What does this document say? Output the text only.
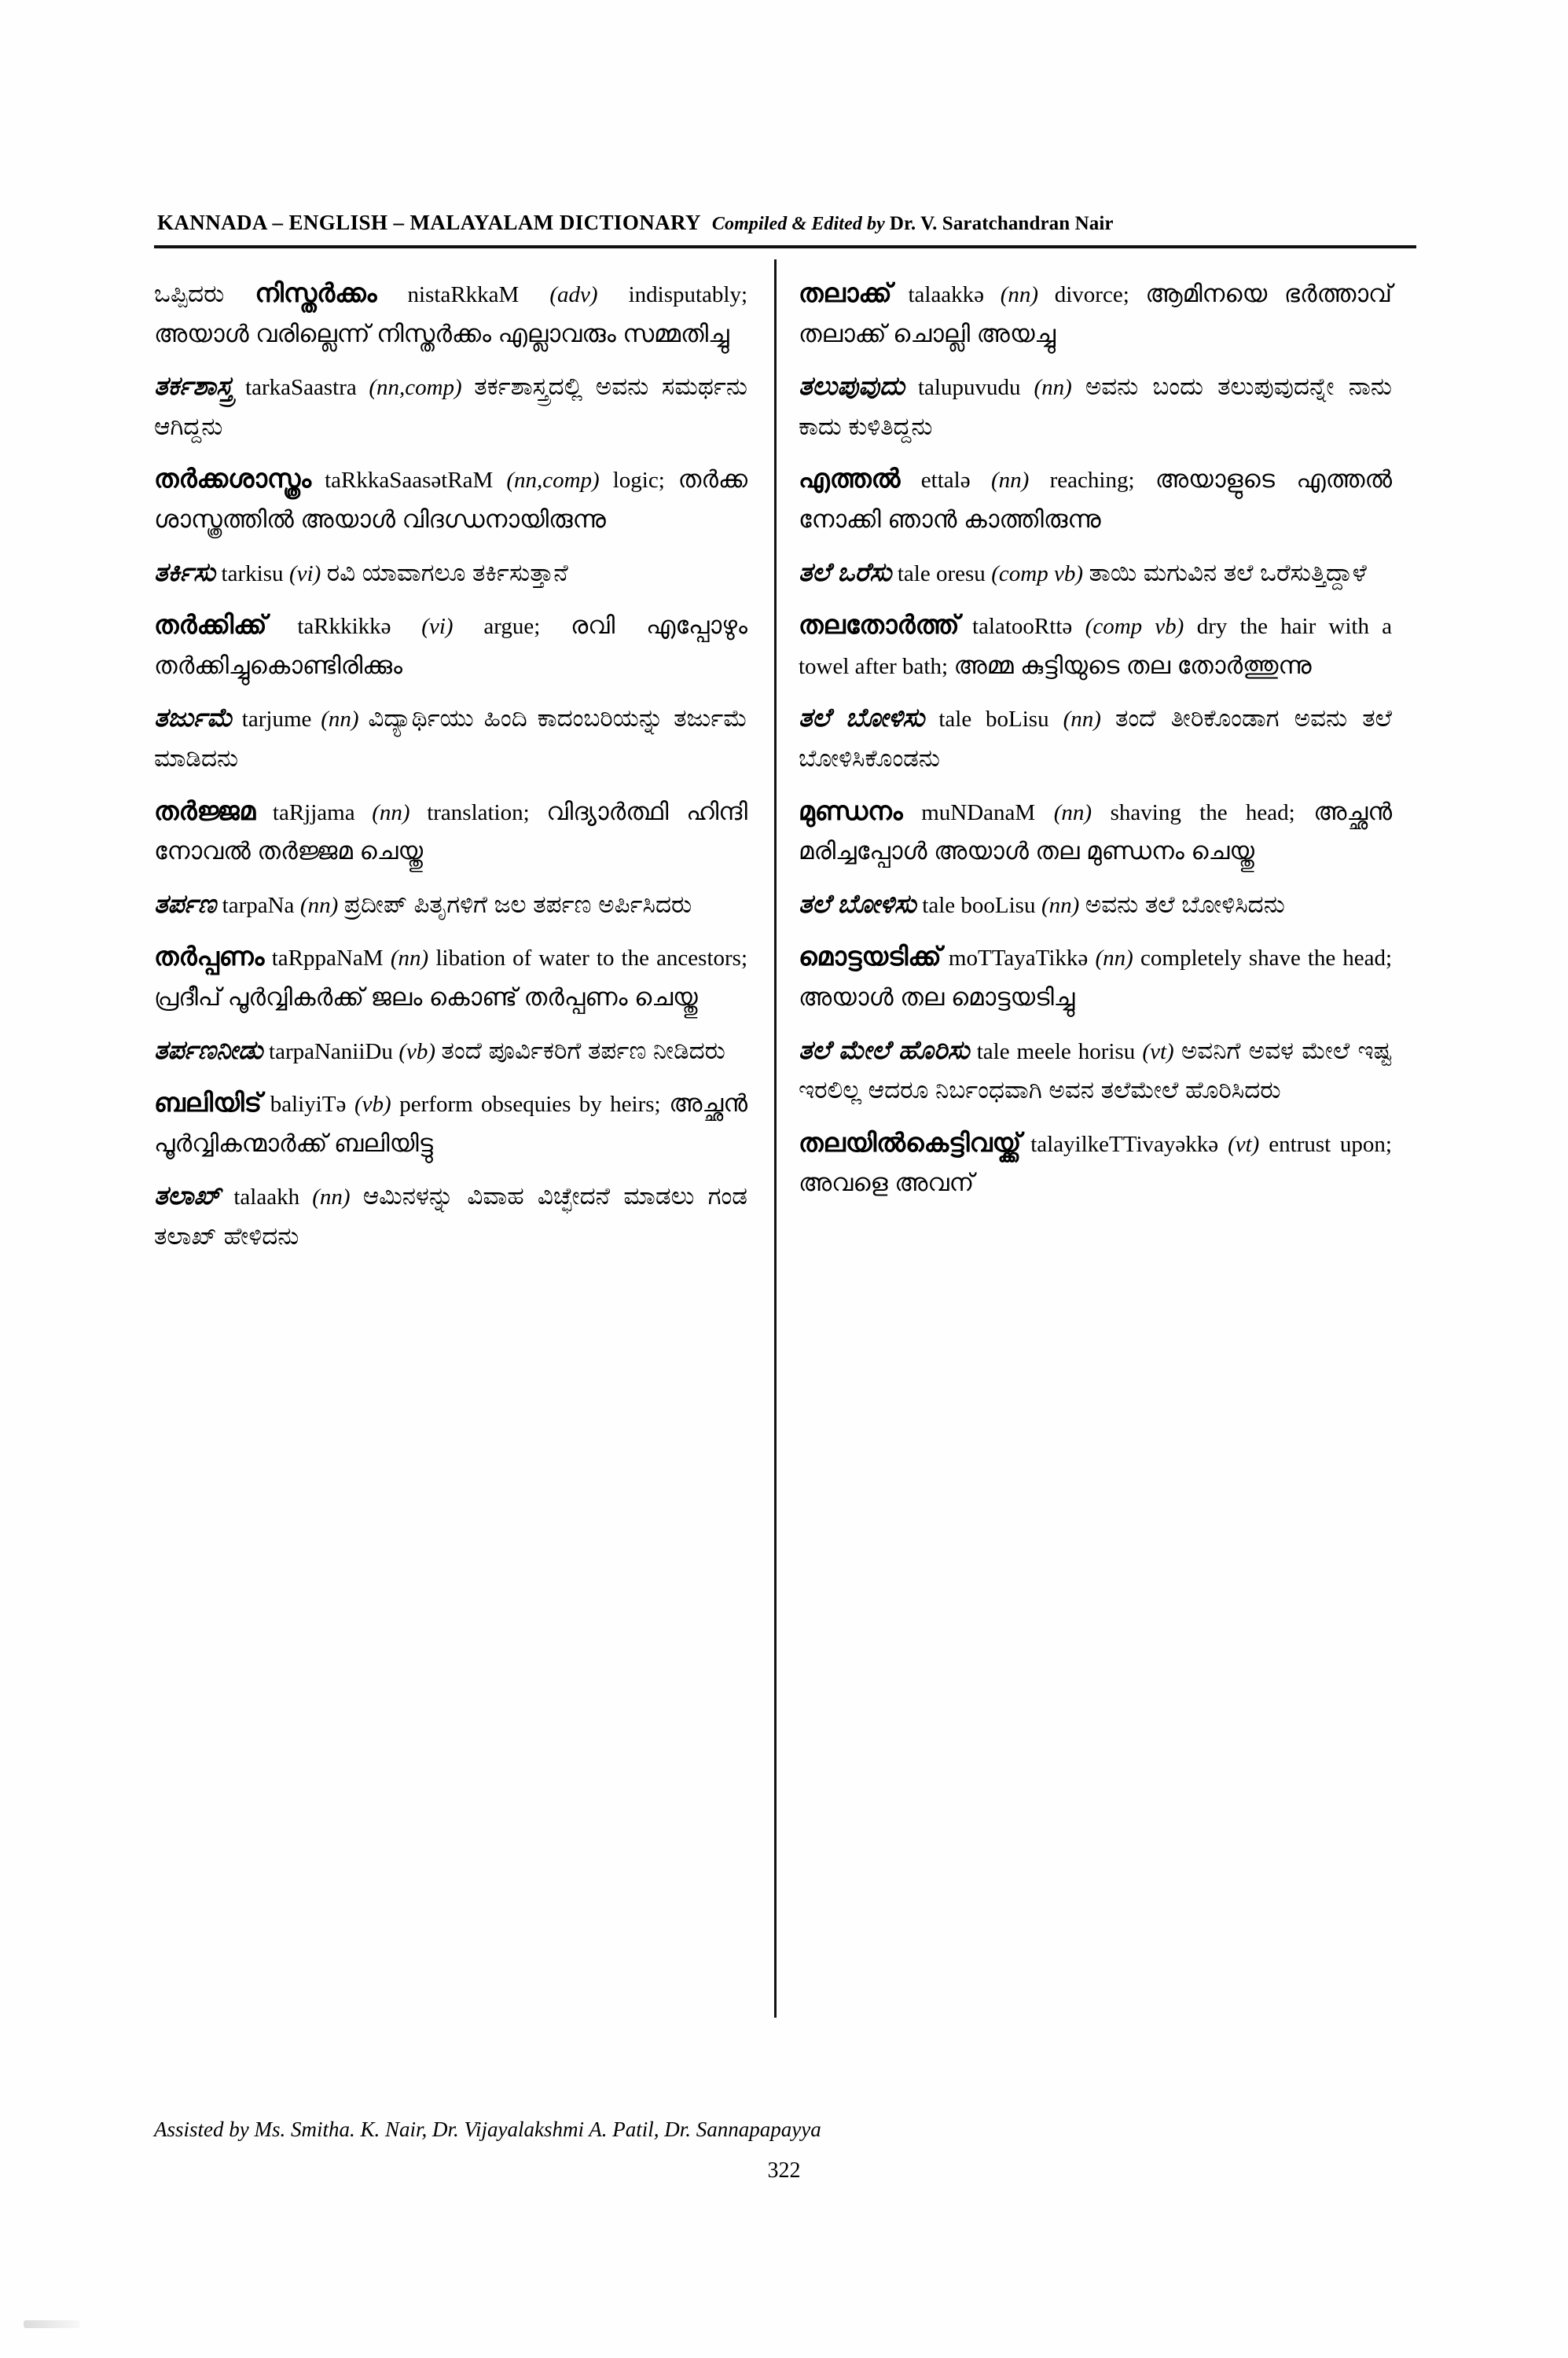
KANNADA – ENGLISH – MALAYALAM DICTIONARY Compiled & Edited by Dr. V. Saratchandran Nair

ಒಪ್ಪಿದರು നിസ്തർക്കം nistaRkkaM (adv) indisputably; അയാൾ വരില്ലെന്ന് നിസ്തർക്കം എല്ലാവരും സമ്മതിച്ചു

ತರ್ಕಶಾಸ್ತ್ರ tarkaSaastra (nn,comp) ತರ್ಕಶಾಸ್ತ್ರದಲ್ಲಿ ಅವನು ಸಮರ್ಥನು ಆಗಿದ್ದನು

തർക്കശാസ്ത്രം taRkkaSaasətRaM (nn,comp) logic; തർക്ക ശാസ്ത്രത്തിൽ അയാൾ വിദഗ്ധനായിരുന്നു

ತರ್ಕಿಸು tarkisu (vi) ರವಿ ಯಾವಾಗಲೂ ತರ್ಕಿಸುತ್ತಾನೆ

തർക്കിക്ക് taRkkikkə (vi) argue; രവി എപ്പോഴും തർക്കിച്ചുകൊണ്ടിരിക്കും

ತರ್ಜುಮೆ tarjume (nn) ವಿದ್ಯಾರ್ಥಿಯು ಹಿಂದಿ ಕಾದಂಬರಿಯನ್ನು ತರ್ಜುಮೆ ಮಾಡಿದನು

തർജ്ജമ taRjjama (nn) translation; വിദ്യാർത്ഥി ഹിന്ദി നോവൽ തർജ്ജമ ചെയ്തു

ತರ್ಪಣ tarpaNa (nn) ಪ್ರದೀಪ್ ಪಿತೃಗಳಿಗೆ ಜಲ ತರ್ಪಣ ಅರ್ಪಿಸಿದರು

തർപ്പണം taRppaNaM (nn) libation of water to the ancestors; പ്രദീപ് പൂർവ്വികർക്ക് ജലം കൊണ്ട് തർപ്പണം ചെയ്തു

ತರ್ಪಣನೀಡು tarpaNaniiDu (vb) ತಂದೆ ಪೂರ್ವಿಕರಿಗೆ ತರ್ಪಣ ನೀಡಿದರು

ബലിയിട് baliyiTə (vb) perform obsequies by heirs; അച്ഛൻ പൂർവ്വികന്മാർക്ക് ബലിയിട്ടു

ತಲಾಖ್ talaakh (nn) ಆಮಿನಳನ್ನು ವಿವಾಹ ವಿಚ್ಛೇದನೆ ಮಾಡಲು ಗಂಡ ತಲಾಖ್ ಹೇಳಿದನು

തലാക്ക് talaakkə (nn) divorce; ആമിനയെ ഭർത്താവ് തലാക്ക് ചൊല്ലി അയച്ചു

ತಲುಪುವುದು talupuvudu (nn) ಅವನು ಬಂದು ತಲುಪುವುದನ್ನೇ ನಾನು ಕಾದು ಕುಳಿತಿದ್ದನು

എത്തൽ ettalə (nn) reaching; അയാളുടെ എത്തൽ നോക്കി ഞാൻ കാത്തിരുന്നു

ತಲೆ ಒರೆಸು tale oresu (comp vb) ತಾಯಿ ಮಗುವಿನ ತಲೆ ಒರೆಸುತ್ತಿದ್ದಾಳೆ

തലതോർത്ത് talatooRttə (comp vb) dry the hair with a towel after bath; അമ്മ കുട്ടിയുടെ തല തോർത്തുന്നു

ತಲೆ ಬೋಳಿಸು tale boLisu (nn) ತಂದೆ ತೀರಿಕೊಂಡಾಗ ಅವನು ತಲೆ ಬೋಳಿಸಿಕೊಂಡನು

മുണ്ഡനം muNDanaM (nn) shaving the head; അച്ഛൻ മരിച്ചപ്പോൾ അയാൾ തല മുണ്ഡനം ചെയ്തു

ತಲೆ ಬೋಳಿಸು tale booLisu (nn) ಅವನು ತಲೆ ಬೋಳಿಸಿದನು

മൊട്ടയടിക്ക് moTTayaTikkə (nn) completely shave the head; അയാൾ തല മൊട്ടയടിച്ചു

ತಲೆ ಮೇಲೆ ಹೊರಿಸು tale meele horisu (vt) ಅವನಿಗೆ ಅವಳ ಮೇಲೆ ಇಷ್ಟ ಇರಲಿಲ್ಲ ಆದರೂ ನಿರ್ಬಂಧವಾಗಿ ಅವನ ತಲೆಮೇಲೆ ಹೊರಿಸಿದರು

തലയിൽകെട്ടിവയ്ക്ക് talayilkeTTivayəkkə (vt) entrust upon; അവളെ അവന്

Assisted by Ms. Smitha. K. Nair, Dr. Vijayalakshmi A. Patil, Dr. Sannapapayya
322
